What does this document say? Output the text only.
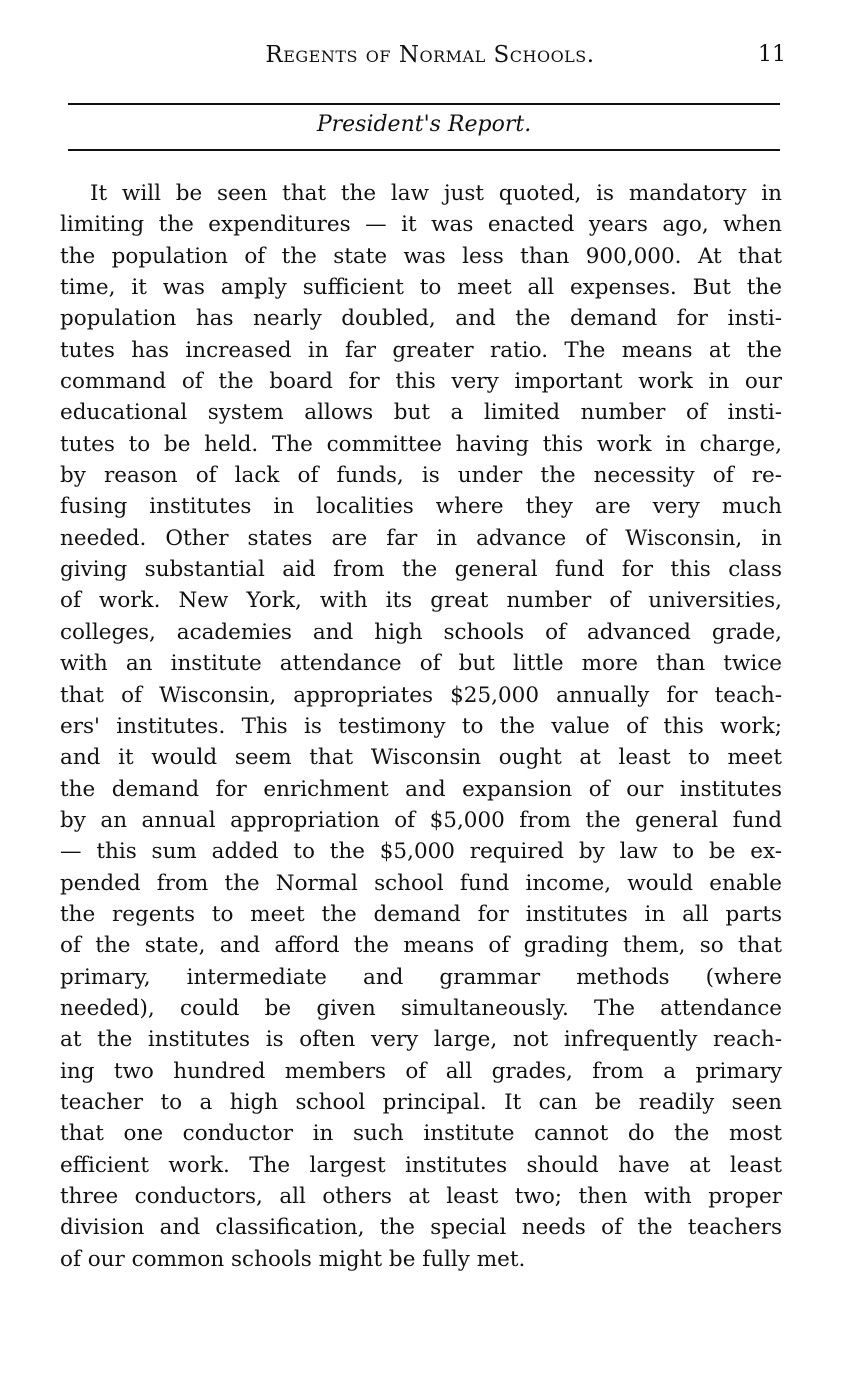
Regents of Normal Schools.	11
President's Report.
It will be seen that the law just quoted, is mandatory in
limiting the expenditures — it was enacted years ago, when
the population of the state was less than 900,000. At that
time, it was amply sufficient to meet all expenses. But the
population has nearly doubled, and the demand for insti-
tutes has increased in far greater ratio. The means at the
command of the board for this very important work in our
educational system allows but a limited number of insti-
tutes to be held. The committee having this work in charge,
by reason of lack of funds, is under the necessity of re-
fusing institutes in localities where they are very much
needed. Other states are far in advance of Wisconsin, in
giving substantial aid from the general fund for this class
of work. New York, with its great number of universities,
colleges, academies and high schools of advanced grade,
with an institute attendance of but little more than twice
that of Wisconsin, appropriates $25,000 annually for teach-
ers' institutes. This is testimony to the value of this work;
and it would seem that Wisconsin ought at least to meet
the demand for enrichment and expansion of our institutes
by an annual appropriation of $5,000 from the general fund
— this sum added to the $5,000 required by law to be ex-
pended from the Normal school fund income, would enable
the regents to meet the demand for institutes in all parts
of the state, and afford the means of grading them, so that
primary, intermediate and grammar methods (where
needed), could be given simultaneously. The attendance
at the institutes is often very large, not infrequently reach-
ing two hundred members of all grades, from a primary
teacher to a high school principal. It can be readily seen
that one conductor in such institute cannot do the most
efficient work. The largest institutes should have at least
three conductors, all others at least two; then with proper
division and classification, the special needs of the teachers
of our common schools might be fully met.
